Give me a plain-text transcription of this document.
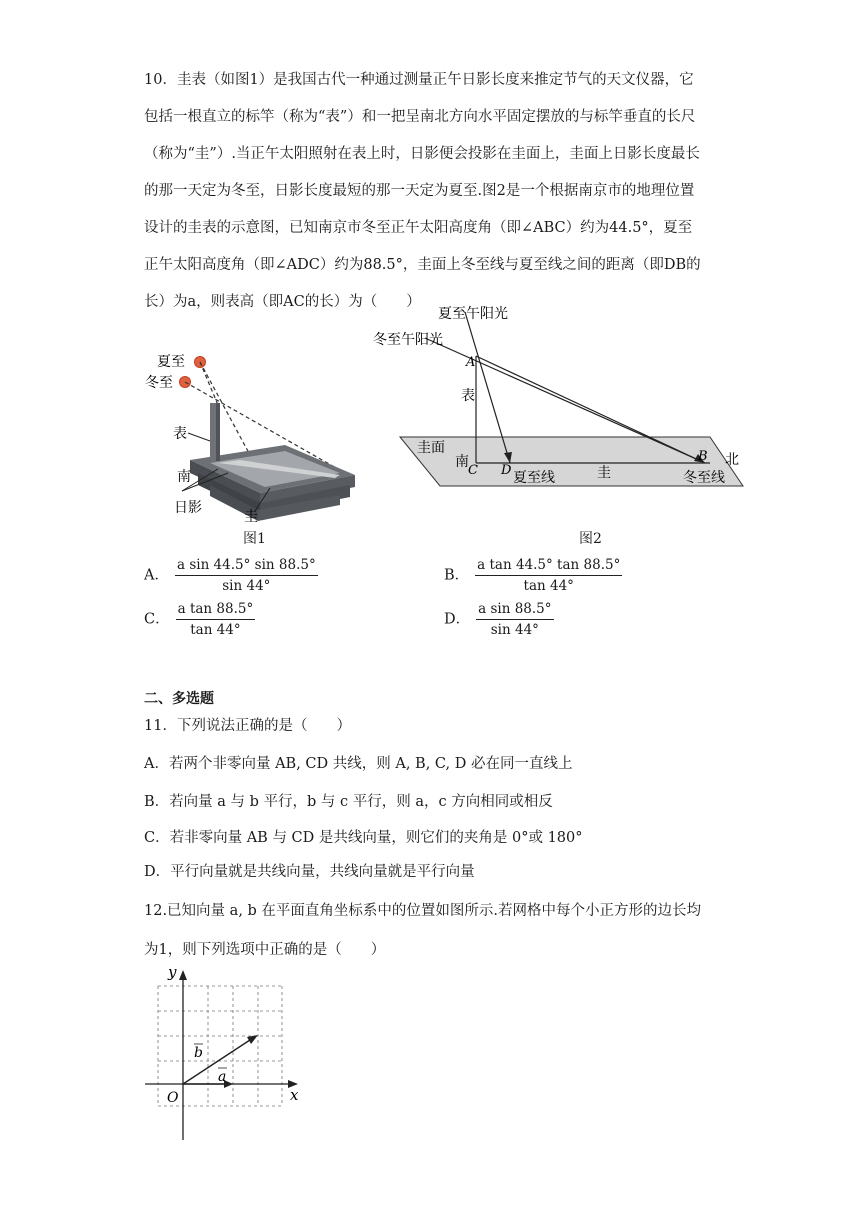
10．圭表（如图1）是我国古代一种通过测量正午日影长度来推定节气的天文仪器，它
包括一根直立的标竿（称为“表”）和一把呈南北方向水平固定摆放的与标竿垂直的长尺
（称为“圭”）.当正午太阳照射在表上时，日影便会投影在圭面上，圭面上日影长度最长
的那一天定为冬至，日影长度最短的那一天定为夏至.图2是一个根据南京市的地理位置
设计的圭表的示意图，已知南京市冬至正午太阳高度角（即∠ABC）约为44.5°，夏至
正午太阳高度角（即∠ADC）约为88.5°，圭面上冬至线与夏至线之间的距离（即DB的
长）为a，则表高（即AC的长）为（　　）
夏至
冬至
表
南
日影
圭
图1
夏至午阳光
冬至午阳光
A
表
圭面
南
C D 夏至线	圭
B 北
冬至线
图2
A． $\frac{\text{a sin 44.5° sin 88.5°}}{\sin 44^\circ}$	B． $\frac{\text{a tan 44.5° tan 88.5°}}{\tan 44^\circ}$
C． $\frac{\text{a tan 88.5°}}{\tan 44^\circ}$	D． $\frac{\text{a sin 88.5°}}{\sin 44^\circ}$
二、多选题
11．下列说法正确的是（　　）
A．若两个非零向量 AB, CD 共线，则 A, B, C, D 必在同一直线上
B．若向量 a 与 b 平行，b 与 c 平行，则 a，c 方向相同或相反
C．若非零向量 AB 与 CD 是共线向量，则它们的夹角是 0°或 180°
D．平行向量就是共线向量，共线向量就是平行向量
12.已知向量 a, b 在平面直角坐标系中的位置如图所示.若网格中每个小正方形的边长均
为1，则下列选项中正确的是（　　）
y
x
O
a
b
